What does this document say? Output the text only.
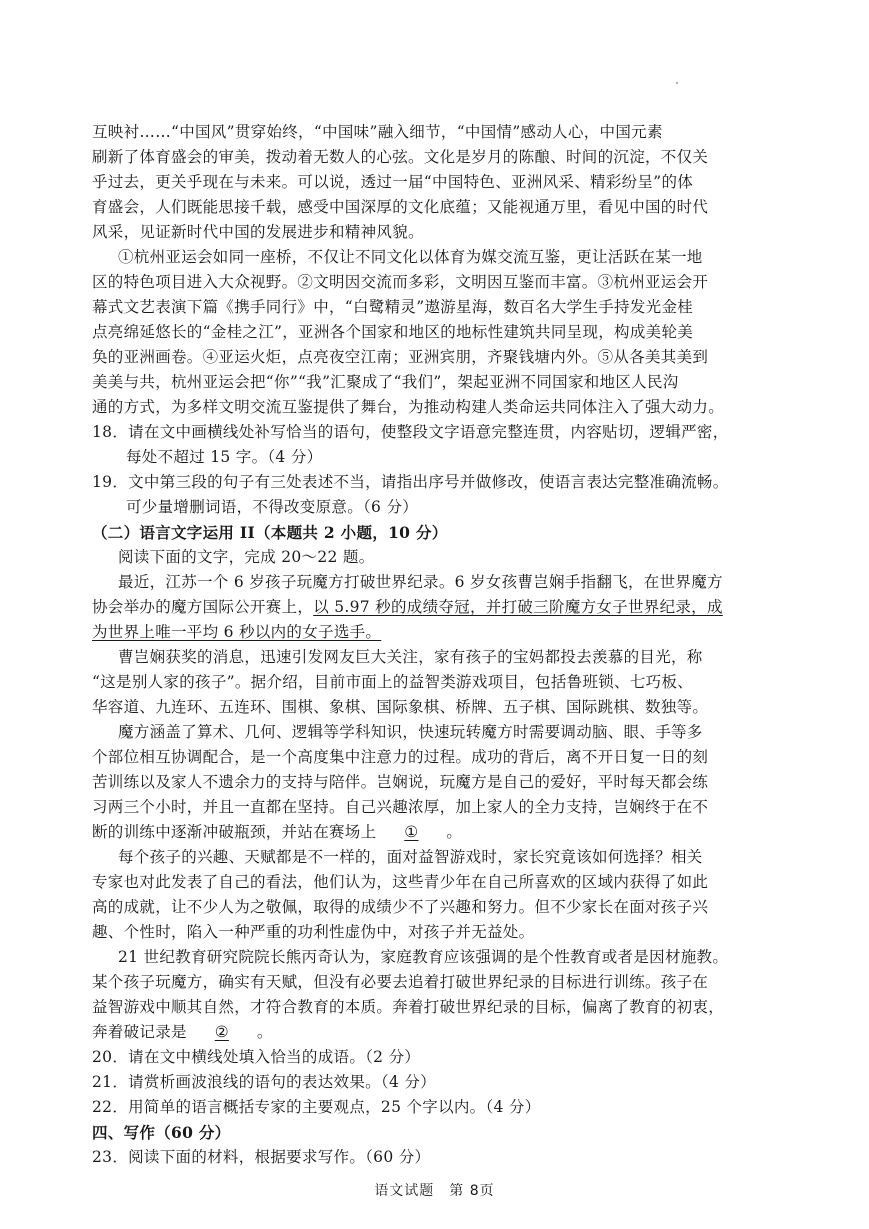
互映衬……“中国风”贯穿始终，“中国味”融入细节，“中国情”感动人心，中国元素
刷新了体育盛会的审美，拨动着无数人的心弦。文化是岁月的陈酿、时间的沉淀，不仅关
乎过去，更关乎现在与未来。可以说，透过一届“中国特色、亚洲风采、精彩纷呈”的体
育盛会，人们既能思接千载，感受中国深厚的文化底蕴；又能视通万里，看见中国的时代
风采，见证新时代中国的发展进步和精神风貌。
①杭州亚运会如同一座桥，不仅让不同文化以体育为媒交流互鉴，更让活跃在某一地
区的特色项目进入大众视野。②文明因交流而多彩，文明因互鉴而丰富。③杭州亚运会开
幕式文艺表演下篇《携手同行》中，“白鹭精灵”遨游星海，数百名大学生手持发光金桂
点亮绵延悠长的“金桂之江”，亚洲各个国家和地区的地标性建筑共同呈现，构成美轮美
奂的亚洲画卷。④亚运火炬，点亮夜空江南；亚洲宾朋，齐聚钱塘内外。⑤从各美其美到
美美与共，杭州亚运会把“你”“我”汇聚成了“我们”，架起亚洲不同国家和地区人民沟
通的方式，为多样文明交流互鉴提供了舞台，为推动构建人类命运共同体注入了强大动力。
18．请在文中画横线处补写恰当的语句，使整段文字语意完整连贯，内容贴切，逻辑严密，
每处不超过 15 字。（4 分）
19．文中第三段的句子有三处表述不当，请指出序号并做修改，使语言表达完整准确流畅。
可少量增删词语，不得改变原意。（6 分）
（二）语言文字运用 II（本题共 2 小题，10 分）
阅读下面的文字，完成 20～22 题。
最近，江苏一个 6 岁孩子玩魔方打破世界纪录。6 岁女孩曹岂娴手指翻飞，在世界魔方
协会举办的魔方国际公开赛上，以 5.97 秒的成绩夺冠，并打破三阶魔方女子世界纪录，成
为世界上唯一平均 6 秒以内的女子选手。
曹岂娴获奖的消息，迅速引发网友巨大关注，家有孩子的宝妈都投去羡慕的目光，称
“这是别人家的孩子”。据介绍，目前市面上的益智类游戏项目，包括鲁班锁、七巧板、
华容道、九连环、五连环、围棋、象棋、国际象棋、桥牌、五子棋、国际跳棋、数独等。
魔方涵盖了算术、几何、逻辑等学科知识，快速玩转魔方时需要调动脑、眼、手等多
个部位相互协调配合，是一个高度集中注意力的过程。成功的背后，离不开日复一日的刻
苦训练以及家人不遗余力的支持与陪伴。岂娴说，玩魔方是自己的爱好，平时每天都会练
习两三个小时，并且一直都在坚持。自己兴趣浓厚，加上家人的全力支持，岂娴终于在不
断的训练中逐渐冲破瓶颈，并站在赛场上 ① 。
每个孩子的兴趣、天赋都是不一样的，面对益智游戏时，家长究竟该如何选择？相关
专家也对此发表了自己的看法，他们认为，这些青少年在自己所喜欢的区域内获得了如此
高的成就，让不少人为之敬佩，取得的成绩少不了兴趣和努力。但不少家长在面对孩子兴
趣、个性时，陷入一种严重的功利性虚伪中，对孩子并无益处。
21 世纪教育研究院院长熊丙奇认为，家庭教育应该强调的是个性教育或者是因材施教。
某个孩子玩魔方，确实有天赋，但没有必要去追着打破世界纪录的目标进行训练。孩子在
益智游戏中顺其自然，才符合教育的本质。奔着打破世界纪录的目标，偏离了教育的初衷，
奔着破记录是 ② 。
20．请在文中横线处填入恰当的成语。（2 分）
21．请赏析画波浪线的语句的表达效果。（4 分）
22．用简单的语言概括专家的主要观点，25 个字以内。（4 分）
语文试题　第 8页
四、写作（60 分）
23．阅读下面的材料，根据要求写作。（60 分）
